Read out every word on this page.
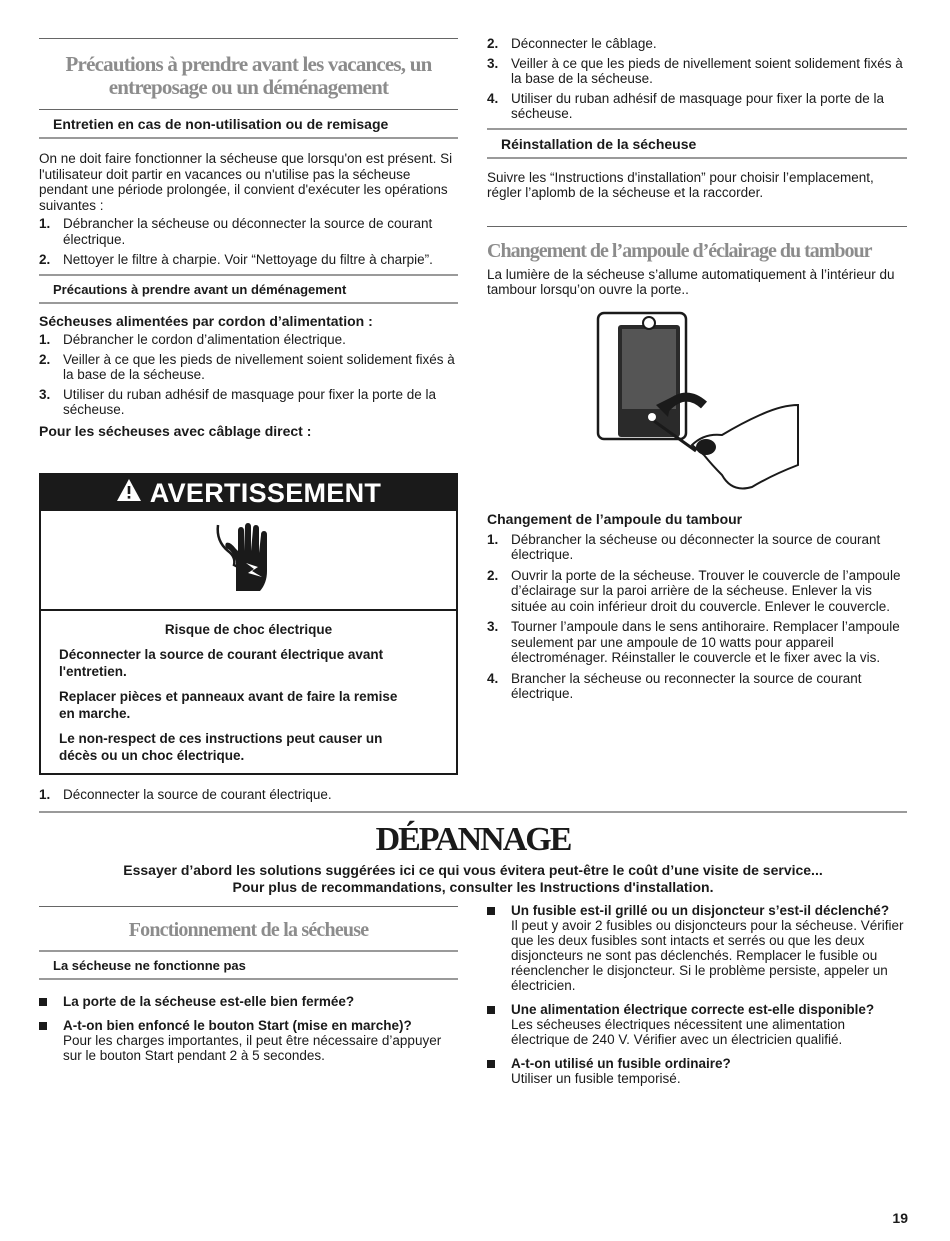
Précautions à prendre avant les vacances, un entreposage ou un déménagement
Entretien en cas de non-utilisation ou de remisage

On ne doit faire fonctionner la sécheuse que lorsqu'on est présent. Si l'utilisateur doit partir en vacances ou n'utilise pas la sécheuse pendant une période prolongée, il convient d'exécuter les opérations suivantes :

1. Débrancher la sécheuse ou déconnecter la source de courant électrique.
2. Nettoyer le filtre à charpie. Voir “Nettoyage du filtre à charpie”.
Précautions à prendre avant un déménagement

Sécheuses alimentées par cordon d’alimentation :

1. Débrancher le cordon d’alimentation électrique.
2. Veiller à ce que les pieds de nivellement soient solidement fixés à la base de la sécheuse.
3. Utiliser du ruban adhésif de masquage pour fixer la porte de la sécheuse.

Pour les sécheuses avec câblage direct :

AVERTISSEMENT
Risque de choc électrique
Déconnecter la source de courant électrique avant l'entretien.
Replacer pièces et panneaux avant de faire la remise en marche.
Le non-respect de ces instructions peut causer un décès ou un choc électrique.
1. Déconnecter la source de courant électrique.
2. Déconnecter le câblage.
3. Veiller à ce que les pieds de nivellement soient solidement fixés à la base de la sécheuse.
4. Utiliser du ruban adhésif de masquage pour fixer la porte de la sécheuse.
Réinstallation de la sécheuse

Suivre les “Instructions d'installation” pour choisir l’emplacement, régler l’aplomb de la sécheuse et la raccorder.

Changement de l’ampoule d’éclairage du tambour

La lumière de la sécheuse s’allume automatiquement à l’intérieur du tambour lorsqu’on ouvre la porte..

Changement de l’ampoule du tambour

1. Débrancher la sécheuse ou déconnecter la source de courant électrique.
2. Ouvrir la porte de la sécheuse. Trouver le couvercle de l’ampoule d’éclairage sur la paroi arrière de la sécheuse. Enlever la vis située au coin inférieur droit du couvercle. Enlever le couvercle.
3. Tourner l’ampoule dans le sens antihoraire. Remplacer l’ampoule seulement par une ampoule de 10 watts pour appareil électroménager. Réinstaller le couvercle et le fixer avec la vis.
4. Brancher la sécheuse ou reconnecter la source de courant électrique.
DÉPANNAGE
Essayer d’abord les solutions suggérées ici ce qui vous évitera peut-être le coût d’une visite de service...
Pour plus de recommandations, consulter les Instructions d'installation.
Fonctionnement de la sécheuse
La sécheuse ne fonctionne pas
La porte de la sécheuse est-elle bien fermée?
A-t-on bien enfoncé le bouton Start (mise en marche)?
Pour les charges importantes, il peut être nécessaire d’appuyer sur le bouton Start pendant 2 à 5 secondes.
Un fusible est-il grillé ou un disjoncteur s’est-il déclenché?
Il peut y avoir 2 fusibles ou disjoncteurs pour la sécheuse. Vérifier que les deux fusibles sont intacts et serrés ou que les deux disjoncteurs ne sont pas déclenchés. Remplacer le fusible ou réenclencher le disjoncteur. Si le problème persiste, appeler un électricien.
Une alimentation électrique correcte est-elle disponible?
Les sécheuses électriques nécessitent une alimentation électrique de 240 V. Vérifier avec un électricien qualifié.
A-t-on utilisé un fusible ordinaire?
Utiliser un fusible temporisé.
19
